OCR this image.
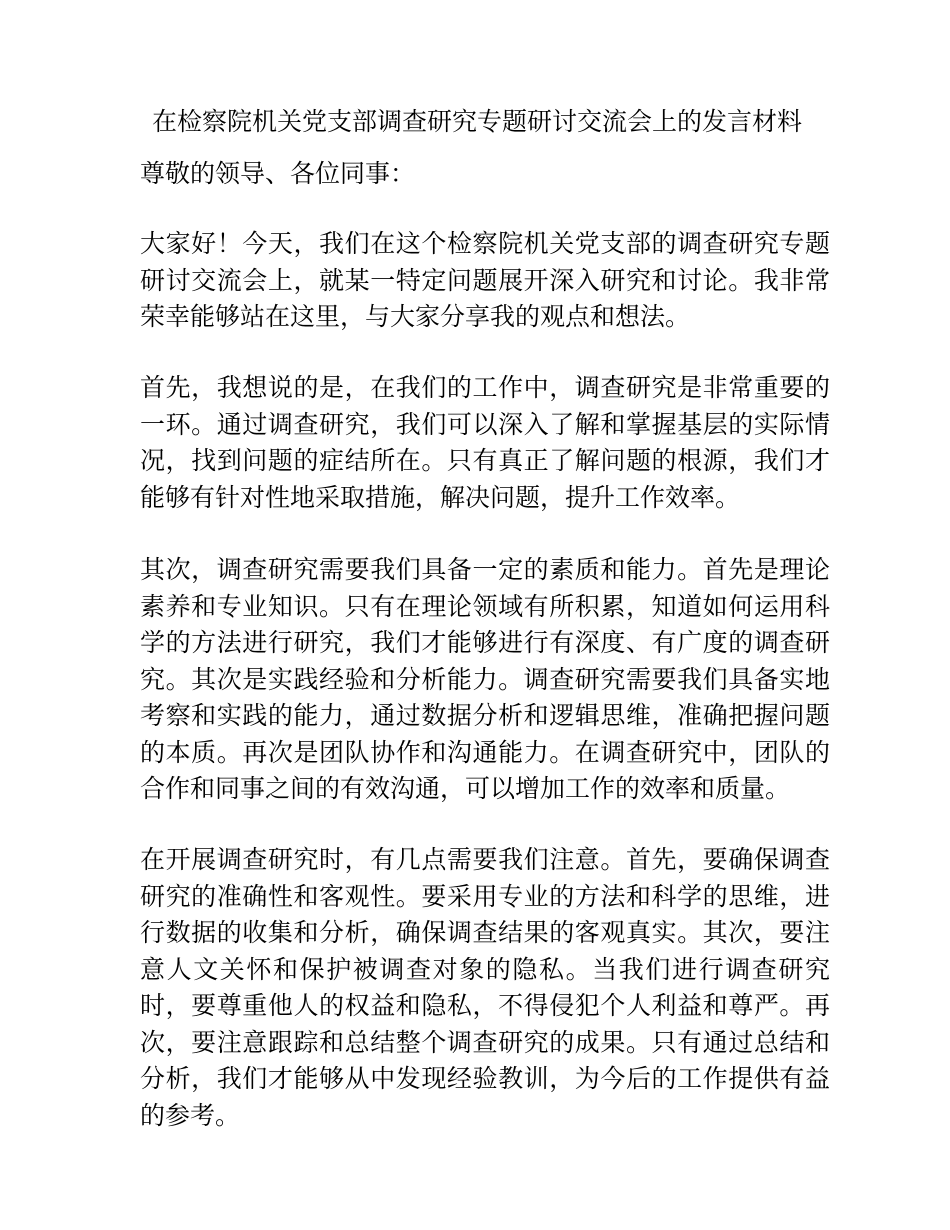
在检察院机关党支部调查研究专题研讨交流会上的发言材料
尊敬的领导、各位同事：

大家好！今天，我们在这个检察院机关党支部的调查研究专题研讨交流会上，就某一特定问题展开深入研究和讨论。我非常荣幸能够站在这里，与大家分享我的观点和想法。

首先，我想说的是，在我们的工作中，调查研究是非常重要的一环。通过调查研究，我们可以深入了解和掌握基层的实际情况，找到问题的症结所在。只有真正了解问题的根源，我们才能够有针对性地采取措施，解决问题，提升工作效率。

其次，调查研究需要我们具备一定的素质和能力。首先是理论素养和专业知识。只有在理论领域有所积累，知道如何运用科学的方法进行研究，我们才能够进行有深度、有广度的调查研究。其次是实践经验和分析能力。调查研究需要我们具备实地考察和实践的能力，通过数据分析和逻辑思维，准确把握问题的本质。再次是团队协作和沟通能力。在调查研究中，团队的合作和同事之间的有效沟通，可以增加工作的效率和质量。

在开展调查研究时，有几点需要我们注意。首先，要确保调查研究的准确性和客观性。要采用专业的方法和科学的思维，进行数据的收集和分析，确保调查结果的客观真实。其次，要注意人文关怀和保护被调查对象的隐私。当我们进行调查研究时，要尊重他人的权益和隐私，不得侵犯个人利益和尊严。再次，要注意跟踪和总结整个调查研究的成果。只有通过总结和分析，我们才能够从中发现经验教训，为今后的工作提供有益的参考。
